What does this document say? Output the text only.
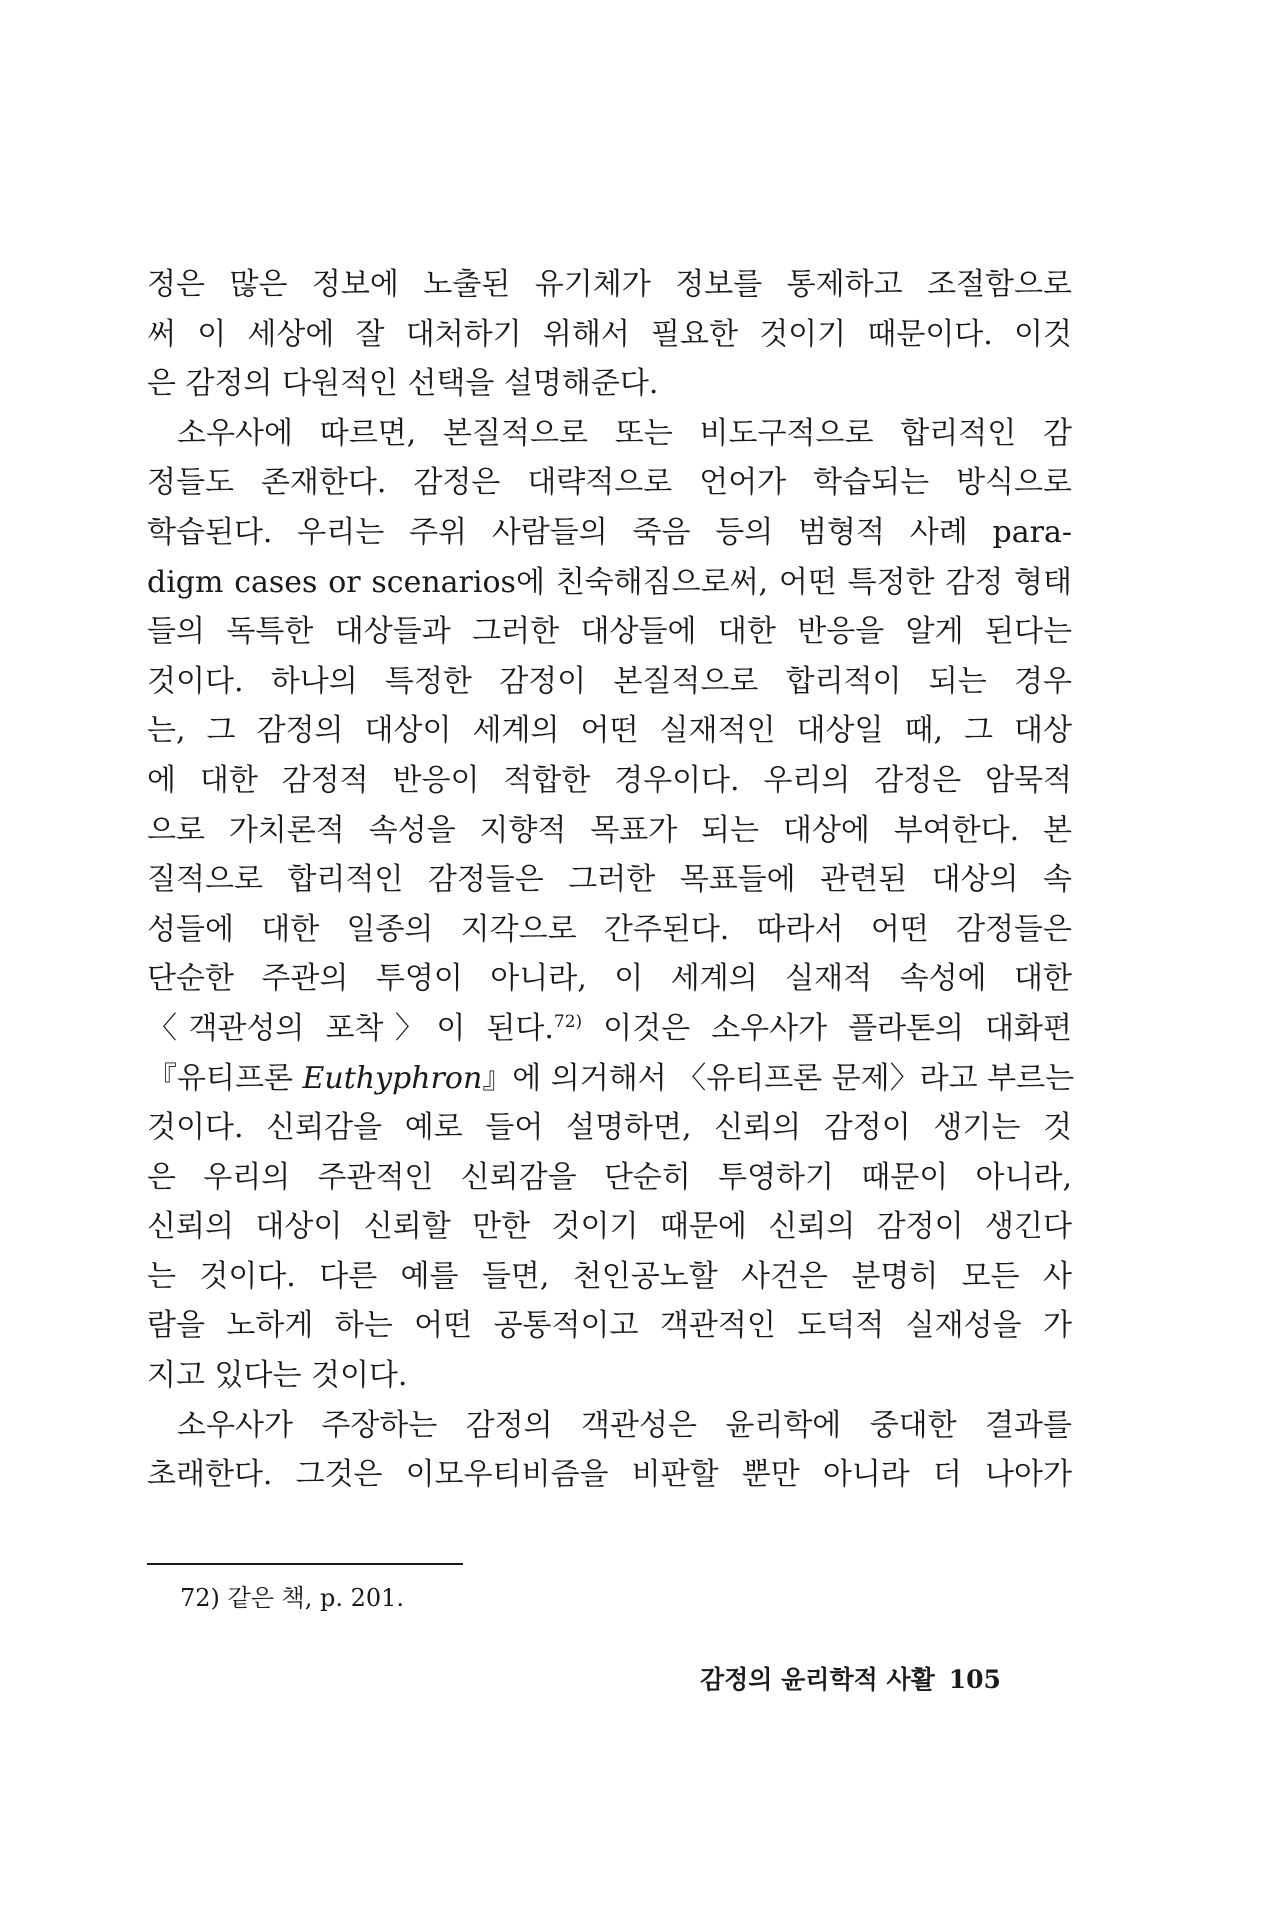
정은 많은 정보에 노출된 유기체가 정보를 통제하고 조절함으로
써 이 세상에 잘 대처하기 위해서 필요한 것이기 때문이다. 이것
은 감정의 다원적인 선택을 설명해준다.
소우사에 따르면, 본질적으로 또는 비도구적으로 합리적인 감
정들도 존재한다. 감정은 대략적으로 언어가 학습되는 방식으로
학습된다. 우리는 주위 사람들의 죽음 등의 범형적 사례 para-
digm cases or scenarios에 친숙해짐으로써, 어떤 특정한 감정 형태
들의 독특한 대상들과 그러한 대상들에 대한 반응을 알게 된다는
것이다. 하나의 특정한 감정이 본질적으로 합리적이 되는 경우
는, 그 감정의 대상이 세계의 어떤 실재적인 대상일 때, 그 대상
에 대한 감정적 반응이 적합한 경우이다. 우리의 감정은 암묵적
으로 가치론적 속성을 지향적 목표가 되는 대상에 부여한다. 본
질적으로 합리적인 감정들은 그러한 목표들에 관련된 대상의 속
성들에 대한 일종의 지각으로 간주된다. 따라서 어떤 감정들은
단순한 주관의 투영이 아니라, 이 세계의 실재적 속성에 대한
〈객관성의 포착〉이 된다.$^{72)}$ 이것은 소우사가 플라톤의 대화편
『유티프론 Euthyphron』에 의거해서 〈유티프론 문제〉라고 부르는
것이다. 신뢰감을 예로 들어 설명하면, 신뢰의 감정이 생기는 것
은 우리의 주관적인 신뢰감을 단순히 투영하기 때문이 아니라,
신뢰의 대상이 신뢰할 만한 것이기 때문에 신뢰의 감정이 생긴다
는 것이다. 다른 예를 들면, 천인공노할 사건은 분명히 모든 사
람을 노하게 하는 어떤 공통적이고 객관적인 도덕적 실재성을 가
지고 있다는 것이다.
소우사가 주장하는 감정의 객관성은 윤리학에 중대한 결과를
초래한다. 그것은 이모우티비즘을 비판할 뿐만 아니라 더 나아가
72) 같은 책, p. 201.
감정의 윤리학적 사활 105
